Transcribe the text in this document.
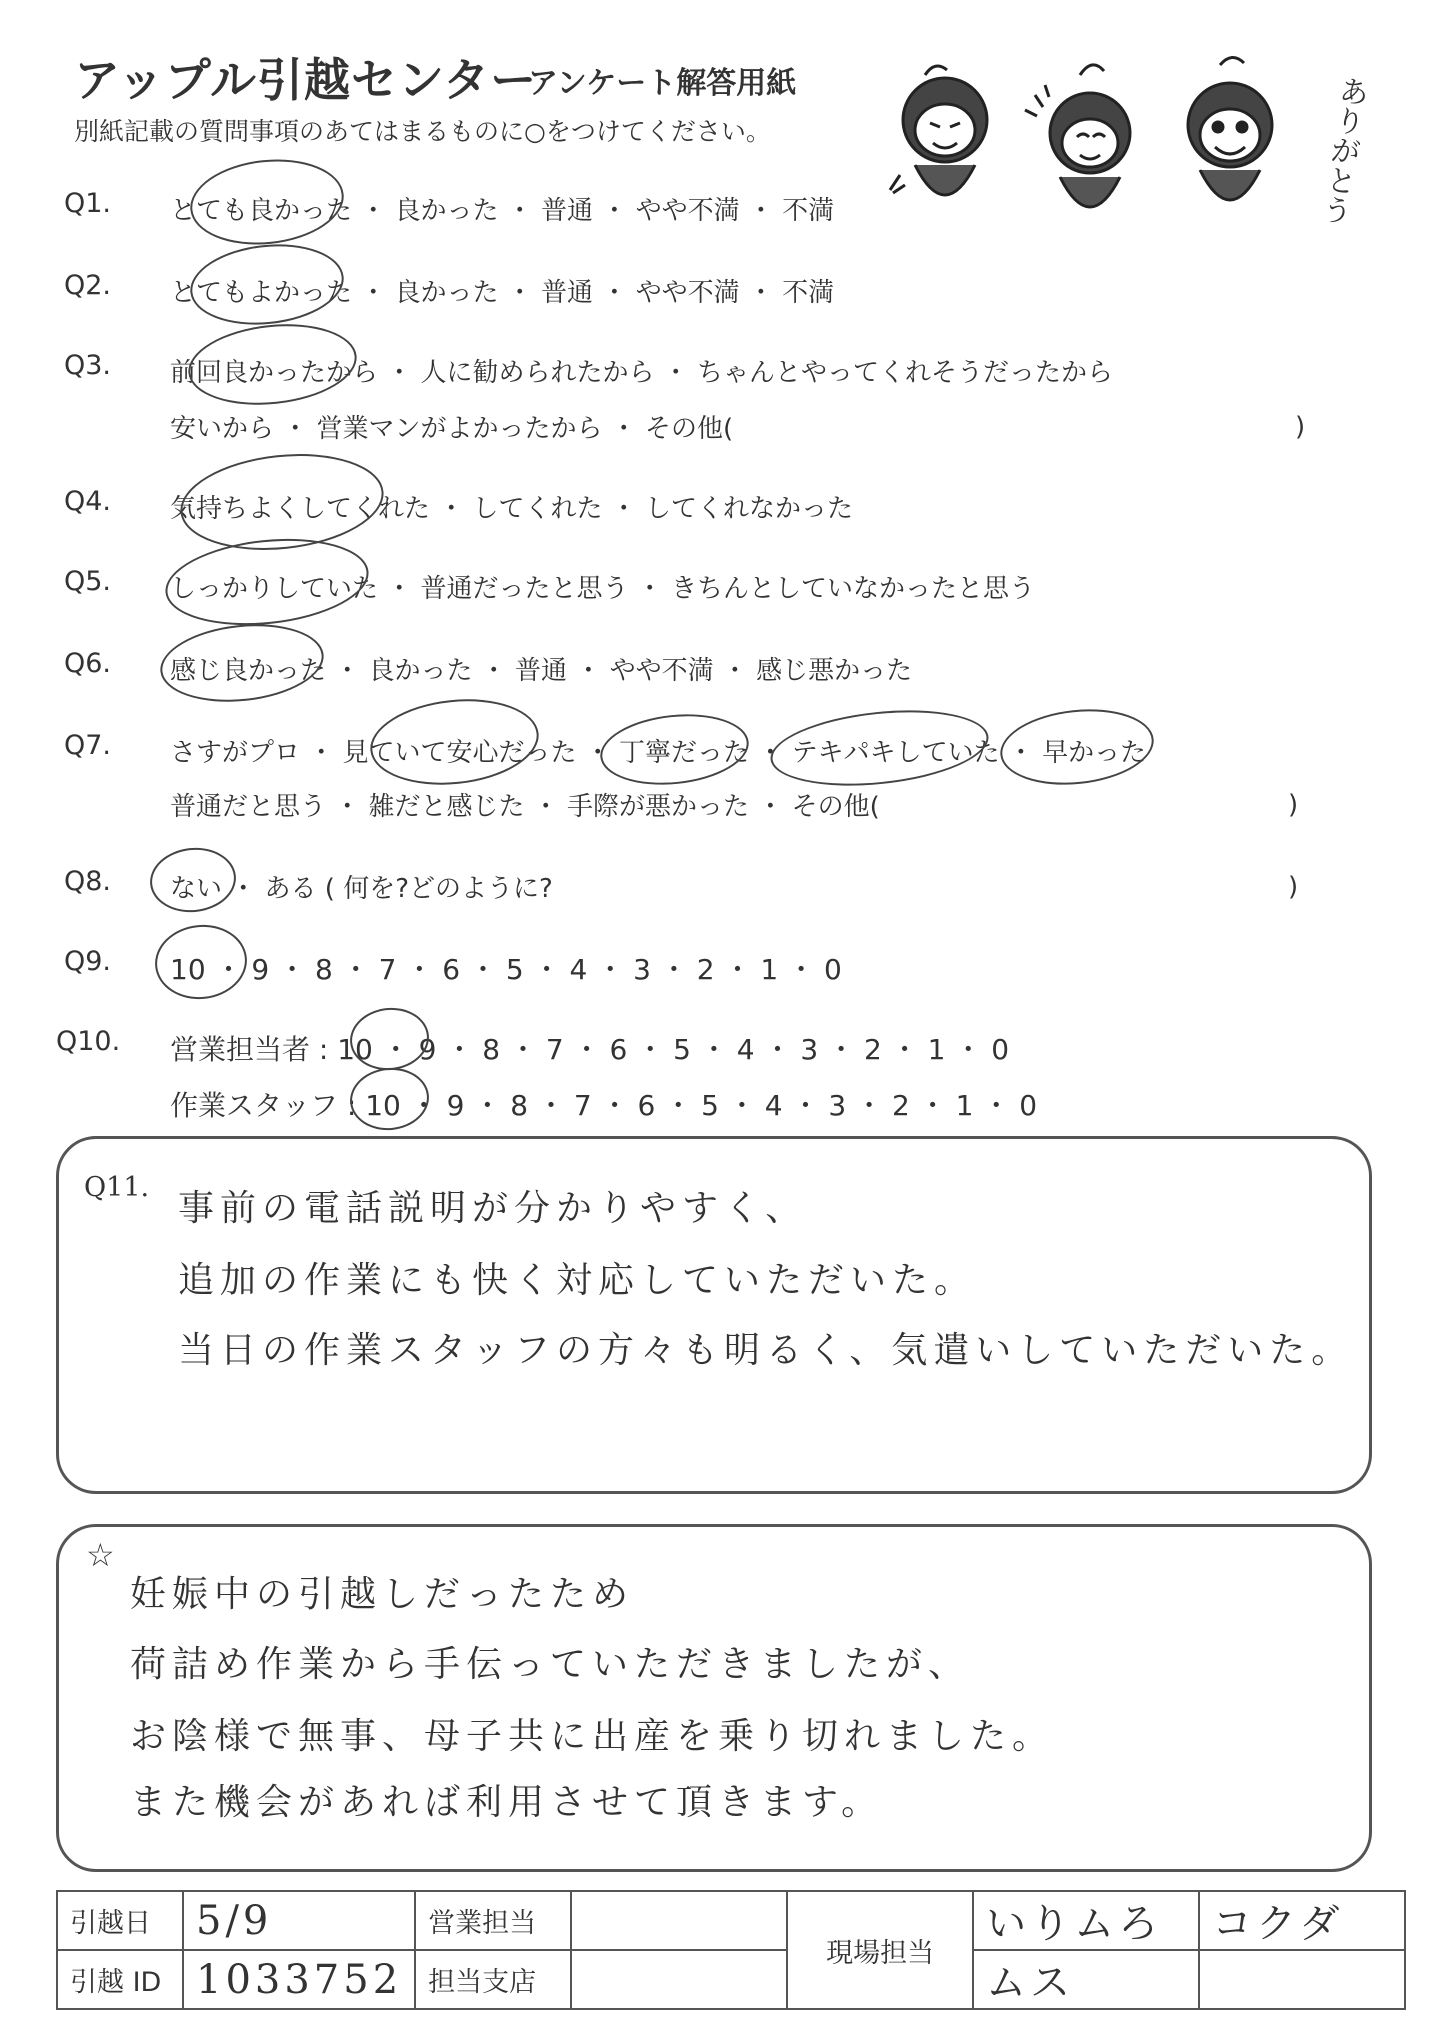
アップル引越センター
アンケート解答用紙
別紙記載の質問事項のあてはまるものに○をつけてください。	ありがとう
Q1. とても良かった ・ 良かった ・ 普通 ・ やや不満 ・ 不満
Q2. とてもよかった ・ 良かった ・ 普通 ・ やや不満 ・ 不満
Q3. 前回良かったから ・ 人に勧められたから ・ ちゃんとやってくれそうだったから
安いから ・ 営業マンがよかったから ・ その他(	)
Q4. 気持ちよくしてくれた ・ してくれた ・ してくれなかった
Q5. しっかりしていた ・ 普通だったと思う ・ きちんとしていなかったと思う
Q6. 感じ良かった ・ 良かった ・ 普通 ・ やや不満 ・ 感じ悪かった
Q7. さすがプロ ・ 見ていて安心だった ・ 丁寧だった ・ テキパキしていた ・ 早かった
普通だと思う ・ 雑だと感じた ・ 手際が悪かった ・ その他(	)
Q8. ない ・ ある ( 何を?どのように?	)
Q9. 10 ・ 9 ・ 8 ・ 7 ・ 6 ・ 5 ・ 4 ・ 3 ・ 2 ・ 1 ・ 0
Q10. 営業担当者 : 10 ・ 9 ・ 8 ・ 7 ・ 6 ・ 5 ・ 4 ・ 3 ・ 2 ・ 1 ・ 0
作業スタッフ : 10 ・ 9 ・ 8 ・ 7 ・ 6 ・ 5 ・ 4 ・ 3 ・ 2 ・ 1 ・ 0
Q11.
事前の電話説明が分かりやすく、
追加の作業にも快く対応していただいた。
当日の作業スタッフの方々も明るく、気遣いしていただいた。
☆
妊娠中の引越しだったため
荷詰め作業から手伝っていただきましたが、
お陰様で無事、母子共に出産を乗り切れました。
また機会があれば利用させて頂きます。
引越日	5/9	営業担当		現場担当	いりムろ	コクダ
引越 ID	1033752	担当支店			ムス	
